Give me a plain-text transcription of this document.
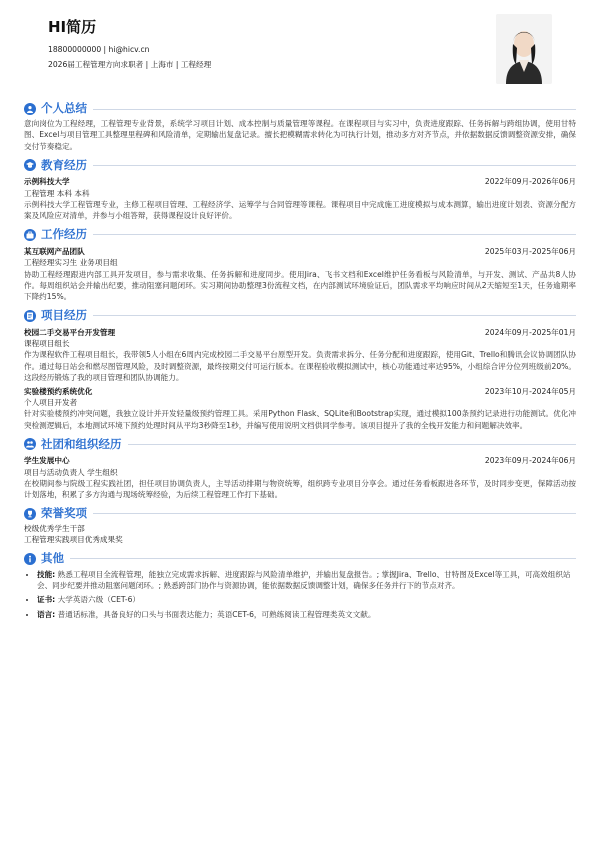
HI简历
18800000000 | hi@hicv.cn
2026届工程管理方向求职者 | 上海市 | 工程经理
个人总结

意向岗位为工程经理，工程管理专业背景，系统学习项目计划、成本控制与质量管理等课程。在课程项目与实习中，负责进度跟踪、任务拆解与跨组协调，使用甘特图、Excel与项目管理工具整理里程碑和风险清单，定期输出复盘记录。擅长把模糊需求转化为可执行计划，推动多方对齐节点，并依据数据反馈调整资源安排，确保交付节奏稳定。

教育经历
示例科技大学	2022年09月-2026年06月

工程管理 本科 本科

示例科技大学工程管理专业，主修工程项目管理、工程经济学、运筹学与合同管理等课程。课程项目中完成施工进度模拟与成本测算，输出进度计划表、资源分配方案及风险应对清单，并参与小组答辩，获得课程设计良好评价。

工作经历
某互联网产品团队	2025年03月-2025年06月

工程经理实习生 业务项目组

协助工程经理跟进内部工具开发项目，参与需求收集、任务拆解和进度同步。使用Jira、飞书文档和Excel维护任务看板与风险清单，与开发、测试、产品共8人协作。每周组织站会并输出纪要，推动阻塞问题闭环。实习期间协助整理3份流程文档，在内部测试环境验证后，团队需求平均响应时间从2天缩短至1天，任务逾期率下降约15%。

项目经历
校园二手交易平台开发管理	2024年09月-2025年01月

课程项目组长

作为课程软件工程项目组长，我带领5人小组在6周内完成校园二手交易平台原型开发。负责需求拆分、任务分配和进度跟踪，使用Git、Trello和腾讯会议协调团队协作。通过每日站会和燃尽图管理风险，及时调整资源，最终按期交付可运行版本。在课程验收模拟测试中，核心功能通过率达95%，小组综合评分位列班级前20%。这段经历锻炼了我的项目管理和团队协调能力。

实验楼预约系统优化	2023年10月-2024年05月

个人项目开发者

针对实验楼预约冲突问题，我独立设计并开发轻量级预约管理工具。采用Python Flask、SQLite和Bootstrap实现，通过模拟100条预约记录进行功能测试。优化冲突检测逻辑后，本地测试环境下预约处理时间从平均3秒降至1秒，并编写使用说明文档供同学参考。该项目提升了我的全栈开发能力和问题解决效率。

社团和组织经历
学生发展中心	2023年09月-2024年06月

项目与活动负责人 学生组织

在校期间参与院级工程实践社团，担任项目协调负责人，主导活动排期与物资统筹，组织跨专业项目分享会。通过任务看板跟进各环节，及时同步变更，保障活动按计划落地，积累了多方沟通与现场统筹经验，为后续工程管理工作打下基础。

荣誉奖项

校级优秀学生干部

工程管理实践项目优秀成果奖

其他
• 技能: 熟悉工程项目全流程管理，能独立完成需求拆解、进度跟踪与风险清单维护，并输出复盘报告。; 掌握Jira、Trello、甘特图及Excel等工具，可高效组织站会、同步纪要并推动阻塞问题闭环。; 熟悉跨部门协作与资源协调，能依据数据反馈调整计划，确保多任务并行下的节点对齐。
• 证书: 大学英语六级（CET-6）
• 语言: 普通话标准，具备良好的口头与书面表达能力；英语CET-6，可熟练阅读工程管理类英文文献。
